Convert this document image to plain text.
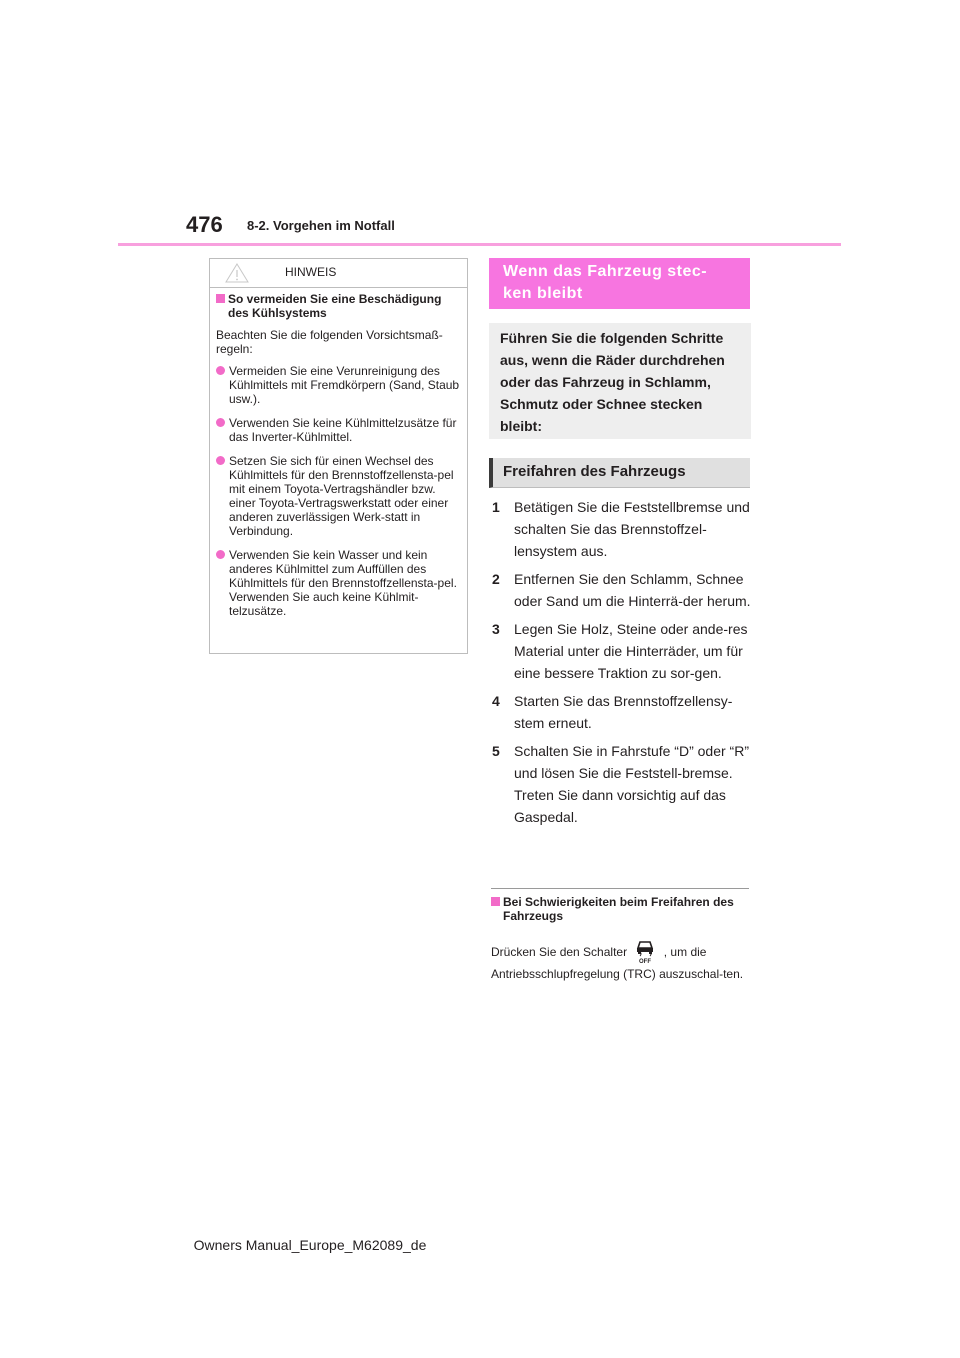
476 8-2. Vorgehen im Notfall
HINWEIS
So vermeiden Sie eine Beschädigung des Kühlsystems
Beachten Sie die folgenden Vorsichtsmaß-regeln:
Vermeiden Sie eine Verunreinigung des Kühlmittels mit Fremdkörpern (Sand, Staub usw.).
Verwenden Sie keine Kühlmittelzusätze für das Inverter-Kühlmittel.
Setzen Sie sich für einen Wechsel des Kühlmittels für den Brennstoffzellensta-pel mit einem Toyota-Vertragshändler bzw. einer Toyota-Vertragswerkstatt oder einer anderen zuverlässigen Werk-statt in Verbindung.
Verwenden Sie kein Wasser und kein anderes Kühlmittel zum Auffüllen des Kühlmittels für den Brennstoffzellensta-pel. Verwenden Sie auch keine Kühlmit-telzusätze.
Wenn das Fahrzeug stec-ken bleibt
Führen Sie die folgenden Schritte aus, wenn die Räder durchdrehen oder das Fahrzeug in Schlamm, Schmutz oder Schnee stecken bleibt:
Freifahren des Fahrzeugs
1 Betätigen Sie die Feststellbremse und schalten Sie das Brennstoffzel-lensystem aus.
2 Entfernen Sie den Schlamm, Schnee oder Sand um die Hinterrä-der herum.
3 Legen Sie Holz, Steine oder ande-res Material unter die Hinterräder, um für eine bessere Traktion zu sor-gen.
4 Starten Sie das Brennstoffzellensy-stem erneut.
5 Schalten Sie in Fahrstufe “D” oder “R” und lösen Sie die Feststell-bremse. Treten Sie dann vorsichtig auf das Gaspedal.
Bei Schwierigkeiten beim Freifahren des Fahrzeugs
Drücken Sie den Schalter
OFF
, um die
Antriebsschlupfregelung (TRC) auszuschal-ten.
Owners Manual_Europe_M62089_de
